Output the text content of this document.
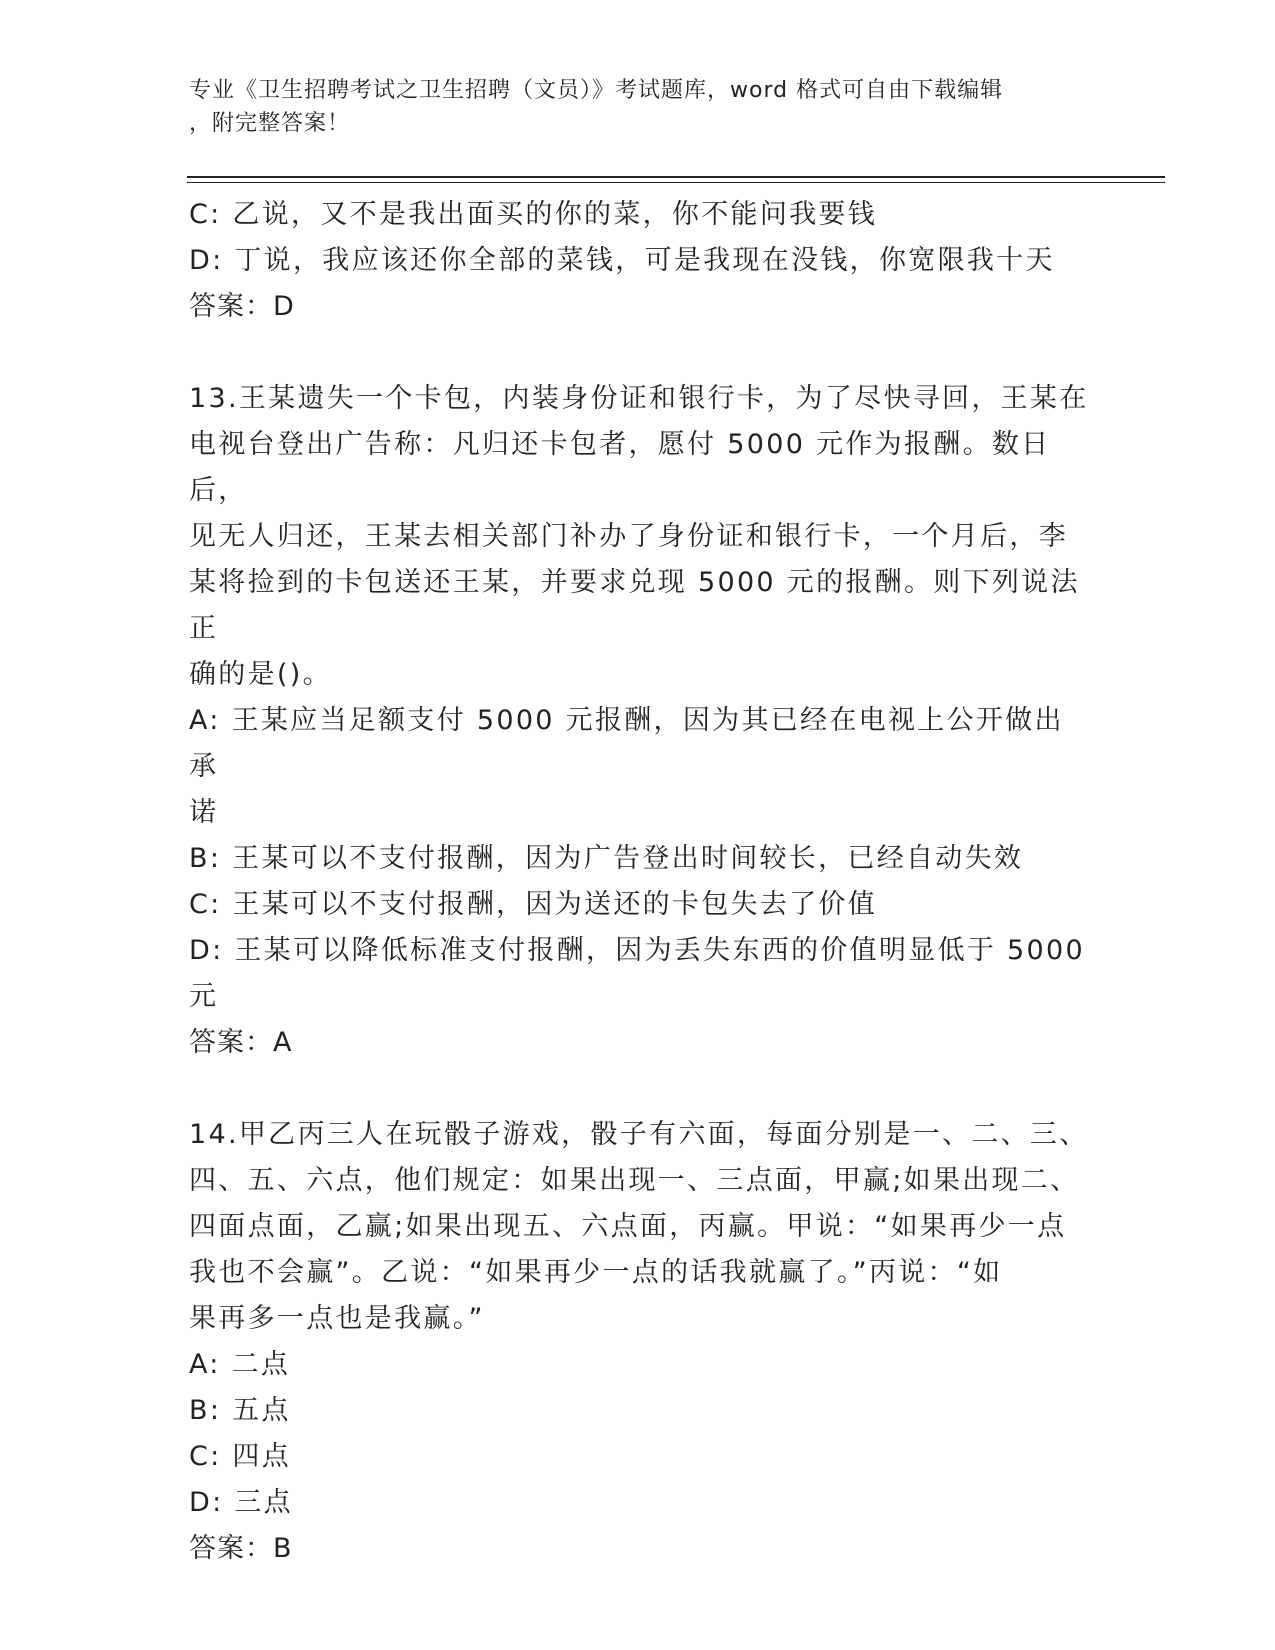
专业《卫生招聘考试之卫生招聘（文员）》考试题库，word 格式可自由下载编辑
，附完整答案！

C: 乙说，又不是我出面买的你的菜，你不能问我要钱

D: 丁说，我应该还你全部的菜钱，可是我现在没钱，你宽限我十天

答案：D

13.王某遗失一个卡包，内装身份证和银行卡，为了尽快寻回，王某在

电视台登出广告称：凡归还卡包者，愿付 5000 元作为报酬。数日后，

见无人归还，王某去相关部门补办了身份证和银行卡，一个月后，李

某将捡到的卡包送还王某，并要求兑现 5000 元的报酬。则下列说法正

确的是()。

A: 王某应当足额支付 5000 元报酬，因为其已经在电视上公开做出承

诺

B: 王某可以不支付报酬，因为广告登出时间较长，已经自动失效

C: 王某可以不支付报酬，因为送还的卡包失去了价值

D: 王某可以降低标准支付报酬，因为丢失东西的价值明显低于 5000

元

答案：A

14.甲乙丙三人在玩骰子游戏，骰子有六面，每面分别是一、二、三、

四、五、六点，他们规定：如果出现一、三点面，甲赢;如果出现二、

四面点面，乙赢;如果出现五、六点面，丙赢。甲说：“如果再少一点

我也不会赢”。乙说：“如果再少一点的话我就赢了。”丙说：“如

果再多一点也是我赢。”

A: 二点

B: 五点

C: 四点

D: 三点

答案：B
